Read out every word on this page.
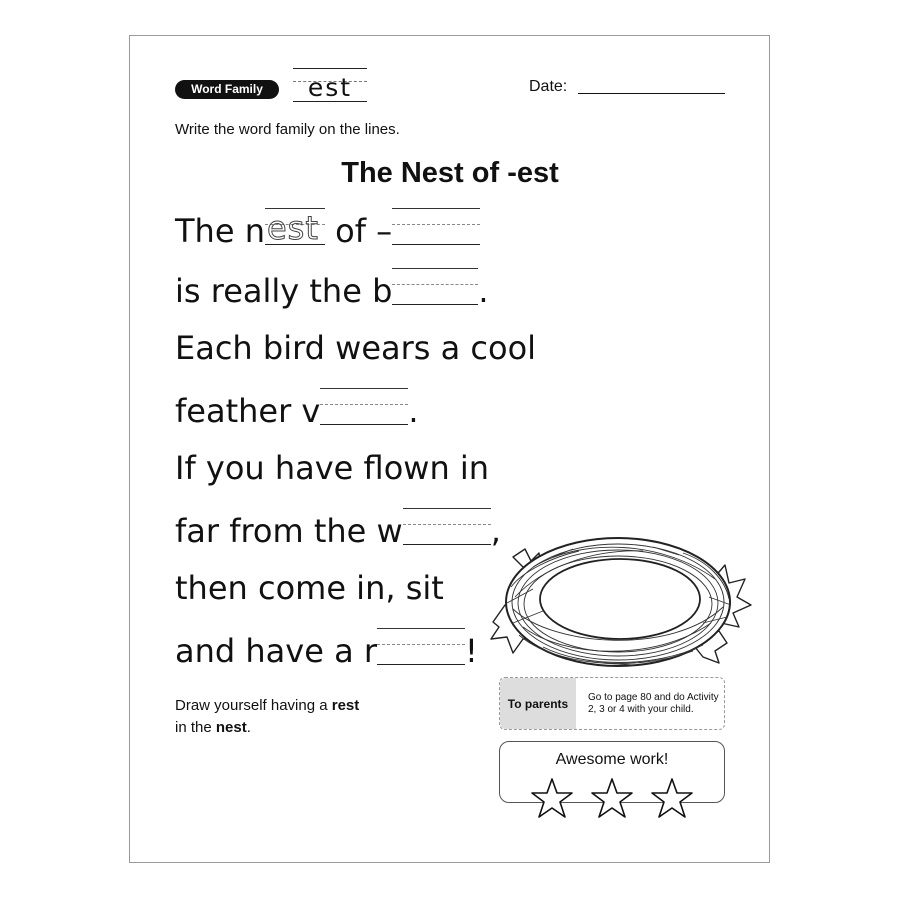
Word Family	est	Date:
Write the word family on the lines.
The Nest of -est
The n est of –
is really the b	.
Each bird wears a cool
feather v	.
If you have flown in
far from the w	,
then come in, sit
and have a r	!
Draw yourself having a rest
in the nest.
To parents	Go to page 80 and do Activity 2, 3 or 4 with your child.
Awesome work!
